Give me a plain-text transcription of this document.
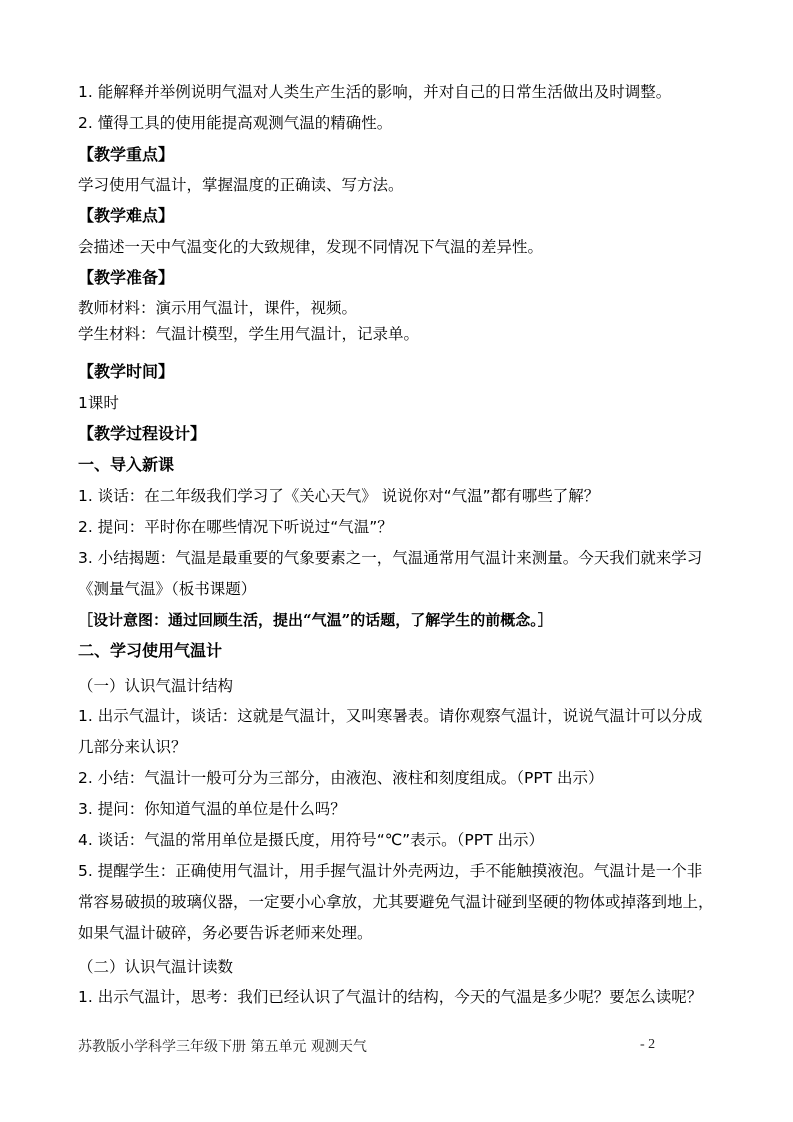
1. 能解释并举例说明气温对人类生产生活的影响，并对自己的日常生活做出及时调整。
2. 懂得工具的使用能提高观测气温的精确性。
【教学重点】
学习使用气温计，掌握温度的正确读、写方法。
【教学难点】
会描述一天中气温变化的大致规律，发现不同情况下气温的差异性。
【教学准备】
教师材料：演示用气温计，课件，视频。
学生材料：气温计模型，学生用气温计，记录单。
【教学时间】
1课时
【教学过程设计】
一、导入新课
1. 谈话：在二年级我们学习了《关心天气》 说说你对“气温”都有哪些了解？
2. 提问：平时你在哪些情况下听说过“气温”？
3. 小结揭题：气温是最重要的气象要素之一，气温通常用气温计来测量。今天我们就来学习
《测量气温》（板书课题）
［设计意图：通过回顾生活，提出“气温”的话题，了解学生的前概念。］
二、学习使用气温计
（一）认识气温计结构
1. 出示气温计，谈话：这就是气温计，又叫寒暑表。请你观察气温计，说说气温计可以分成
几部分来认识？
2. 小结：气温计一般可分为三部分，由液泡、液柱和刻度组成。（PPT 出示）
3. 提问：你知道气温的单位是什么吗？
4. 谈话：气温的常用单位是摄氏度，用符号“℃”表示。（PPT 出示）
5. 提醒学生：正确使用气温计，用手握气温计外壳两边，手不能触摸液泡。气温计是一个非
常容易破损的玻璃仪器，一定要小心拿放，尤其要避免气温计碰到坚硬的物体或掉落到地上，
如果气温计破碎，务必要告诉老师来处理。
（二）认识气温计读数
1. 出示气温计，思考：我们已经认识了气温计的结构，今天的气温是多少呢？要怎么读呢？
苏教版小学科学三年级下册 第五单元 观测天气	- 2
